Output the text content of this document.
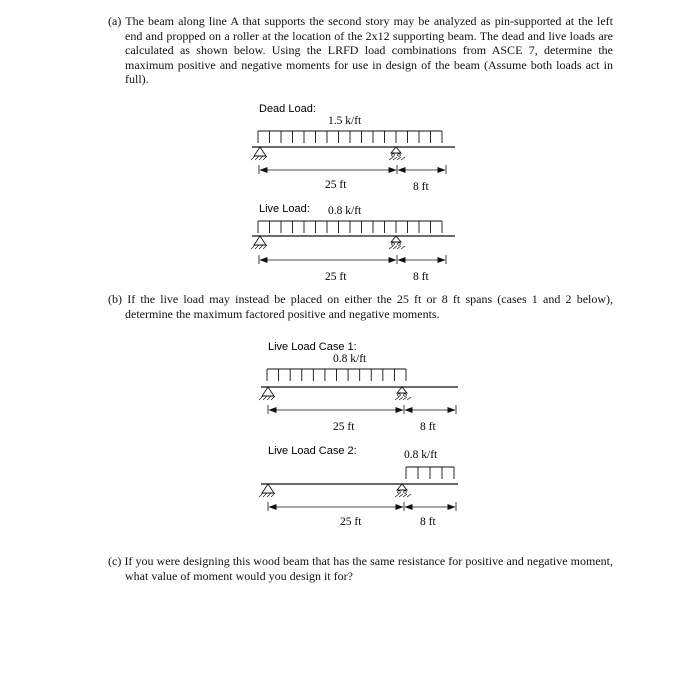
(a) The beam along line A that supports the second story may be analyzed as pin-supported at the left end and propped on a roller at the location of the 2x12 supporting beam. The dead and live loads are calculated as shown below. Using the LRFD load combinations from ASCE 7, determine the maximum positive and negative moments for use in design of the beam (Assume both loads act in full).
(b) If the live load may instead be placed on either the 25 ft or 8 ft spans (cases 1 and 2 below), determine the maximum factored positive and negative moments.
(c) If you were designing this wood beam that has the same resistance for positive and negative moment, what value of moment would you design it for?
Dead Load:
1.5 k/ft
25 ft	8 ft
Live Load: 0.8 k/ft
25 ft	8 ft
Live Load Case 1:
0.8 k/ft
25 ft	8 ft
Live Load Case 2:	0.8 k/ft
25 ft	8 ft
